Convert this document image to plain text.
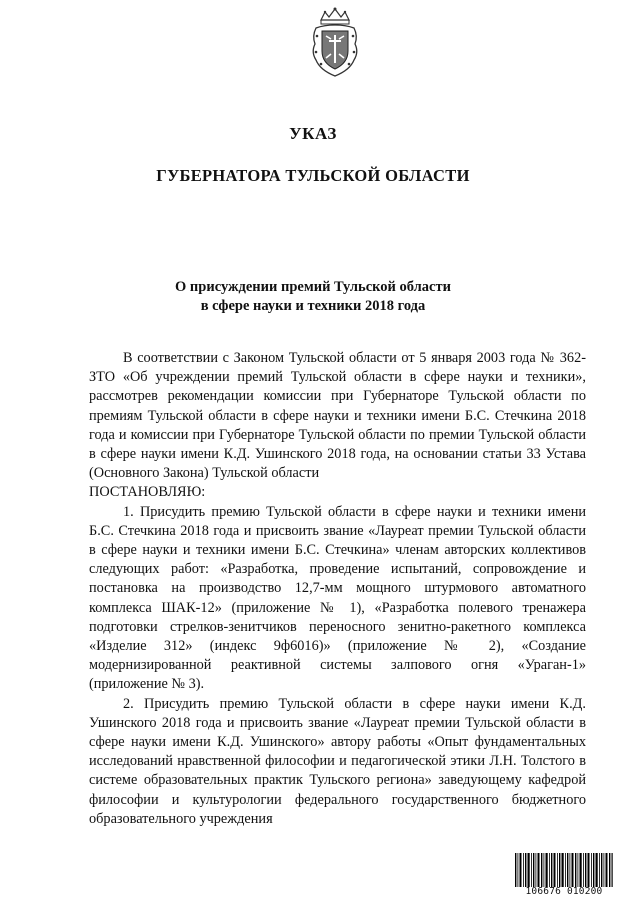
УКАЗ
ГУБЕРНАТОРА ТУЛЬСКОЙ ОБЛАСТИ
О присуждении премий Тульской области
в сфере науки и техники 2018 года

В соответствии с Законом Тульской области от 5 января 2003 года № 362-ЗТО «Об учреждении премий Тульской области в сфере науки и техники», рассмотрев рекомендации комиссии при Губернаторе Тульской области по премиям Тульской области в сфере науки и техники имени Б.С. Стечкина 2018 года и комиссии при Губернаторе Тульской области по премии Тульской области в сфере науки имени К.Д. Ушинского 2018 года, на основании статьи 33 Устава (Основного Закона) Тульской области

ПОСТАНОВЛЯЮ:

1. Присудить премию Тульской области в сфере науки и техники имени Б.С. Стечкина 2018 года и присвоить звание «Лауреат премии Тульской области в сфере науки и техники имени Б.С. Стечкина» членам авторских коллективов следующих работ: «Разработка, проведение испытаний, сопровождение и постановка на производство 12,7-мм мощного штурмового автоматного комплекса ШАК-12» (приложение № 1), «Разработка полевого тренажера подготовки стрелков-зенитчиков переносного зенитно-ракетного комплекса «Изделие 312» (индекс 9ф6016)» (приложение № 2), «Создание модернизированной реактивной системы залпового огня «Ураган-1» (приложение № 3).

2. Присудить премию Тульской области в сфере науки имени К.Д. Ушинского 2018 года и присвоить звание «Лауреат премии Тульской области в сфере науки имени К.Д. Ушинского» автору работы «Опыт фундаментальных исследований нравственной философии и педагогической этики Л.Н. Толстого в системе образовательных практик Тульского региона» заведующему кафедрой философии и культурологии федерального государственного бюджетного образовательного учреждения

106676 010200
